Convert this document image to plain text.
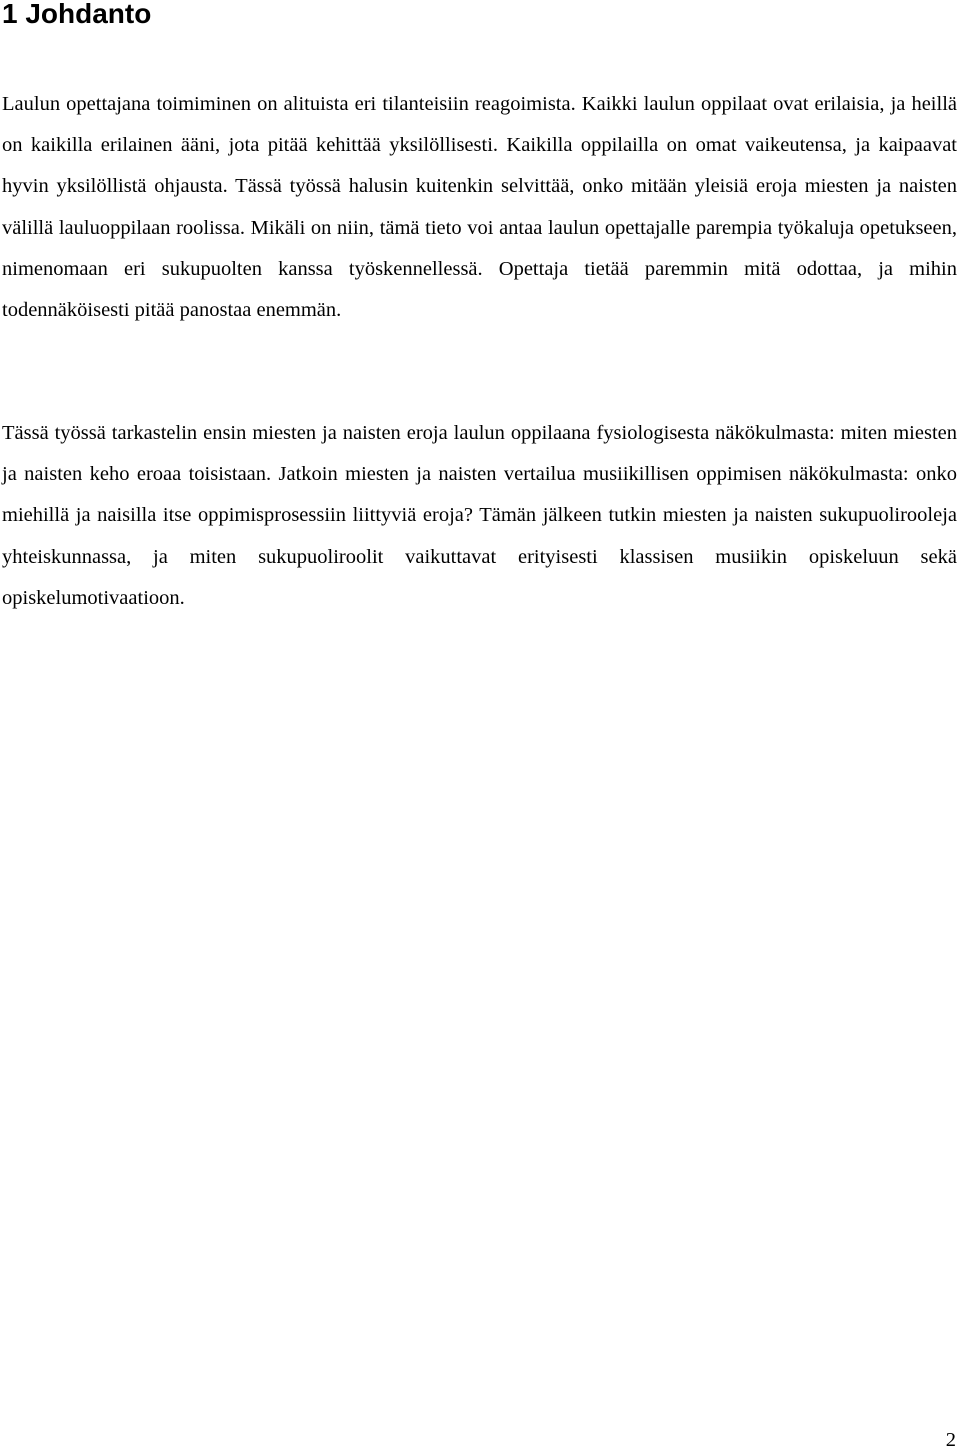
1 Johdanto

Laulun opettajana toimiminen on alituista eri tilanteisiin reagoimista. Kaikki laulun oppilaat ovat erilaisia, ja heillä on kaikilla erilainen ääni, jota pitää kehittää yksilöllisesti. Kaikilla oppilailla on omat vaikeutensa, ja kaipaavat hyvin yksilöllistä ohjausta. Tässä työssä halusin kuitenkin selvittää, onko mitään yleisiä eroja miesten ja naisten välillä lauluoppilaan roolissa. Mikäli on niin, tämä tieto voi antaa laulun opettajalle parempia työkaluja opetukseen, nimenomaan eri sukupuolten kanssa työskennellessä. Opettaja tietää paremmin mitä odottaa, ja mihin todennäköisesti pitää panostaa enemmän.

Tässä työssä tarkastelin ensin miesten ja naisten eroja laulun oppilaana fysiologisesta näkökulmasta: miten miesten ja naisten keho eroaa toisistaan. Jatkoin miesten ja naisten vertailua musiikillisen oppimisen näkökulmasta: onko miehillä ja naisilla itse oppimisprosessiin liittyviä eroja? Tämän jälkeen tutkin miesten ja naisten sukupuolirooleja yhteiskunnassa, ja miten sukupuoliroolit vaikuttavat erityisesti klassisen musiikin opiskeluun sekä opiskelumotivaatioon.

2
